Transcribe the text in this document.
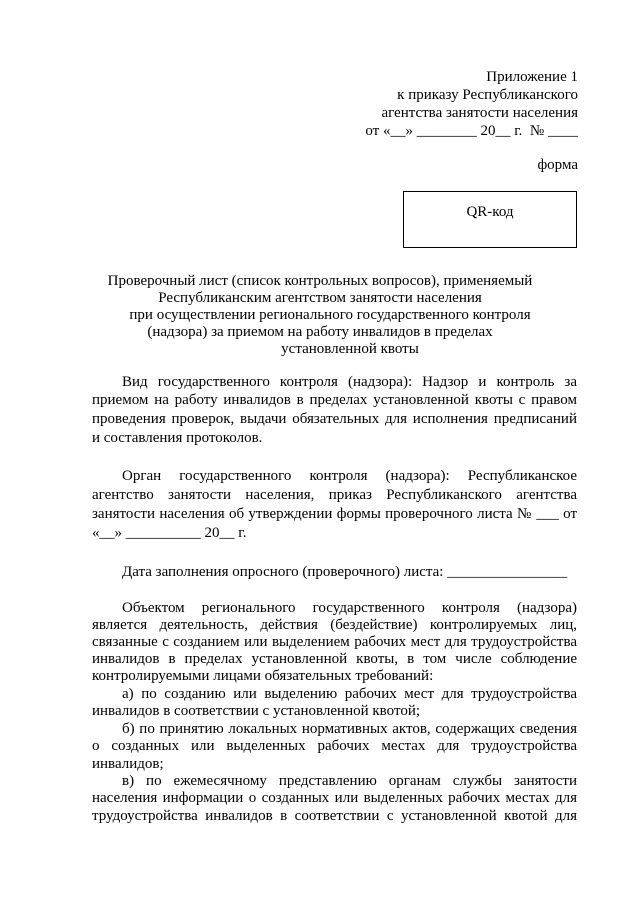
Приложение 1
к приказу Республиканского
агентства занятости населения
от «__» ________ 20__ г.  № ____
форма
QR-код
Проверочный лист (список контрольных вопросов), применяемый
Республиканским агентством занятости населения
при осуществлении регионального государственного контроля
(надзора) за приемом на работу инвалидов в пределах
установленной квоты
Вид государственного контроля (надзора): Надзор и контроль за
приемом на работу инвалидов в пределах установленной квоты с правом
проведения проверок, выдачи обязательных для исполнения предписаний
и составления протоколов.
Орган государственного контроля (надзора): Республиканское
агентство занятости населения, приказ Республиканского агентства
занятости населения об утверждении формы проверочного листа № ___ от
«__» __________ 20__ г.
Дата заполнения опросного (проверочного) листа: ________________
Объектом регионального государственного контроля (надзора)
является деятельность, действия (бездействие) контролируемых лиц,
связанные с созданием или выделением рабочих мест для трудоустройства
инвалидов в пределах установленной квоты, в том числе соблюдение
контролируемыми лицами обязательных требований:
а) по созданию или выделению рабочих мест для трудоустройства
инвалидов в соответствии с установленной квотой;
б) по принятию локальных нормативных актов, содержащих сведения
о созданных или выделенных рабочих местах для трудоустройства
инвалидов;
в) по ежемесячному представлению органам службы занятости
населения информации о созданных или выделенных рабочих местах для
трудоустройства инвалидов в соответствии с установленной квотой для
